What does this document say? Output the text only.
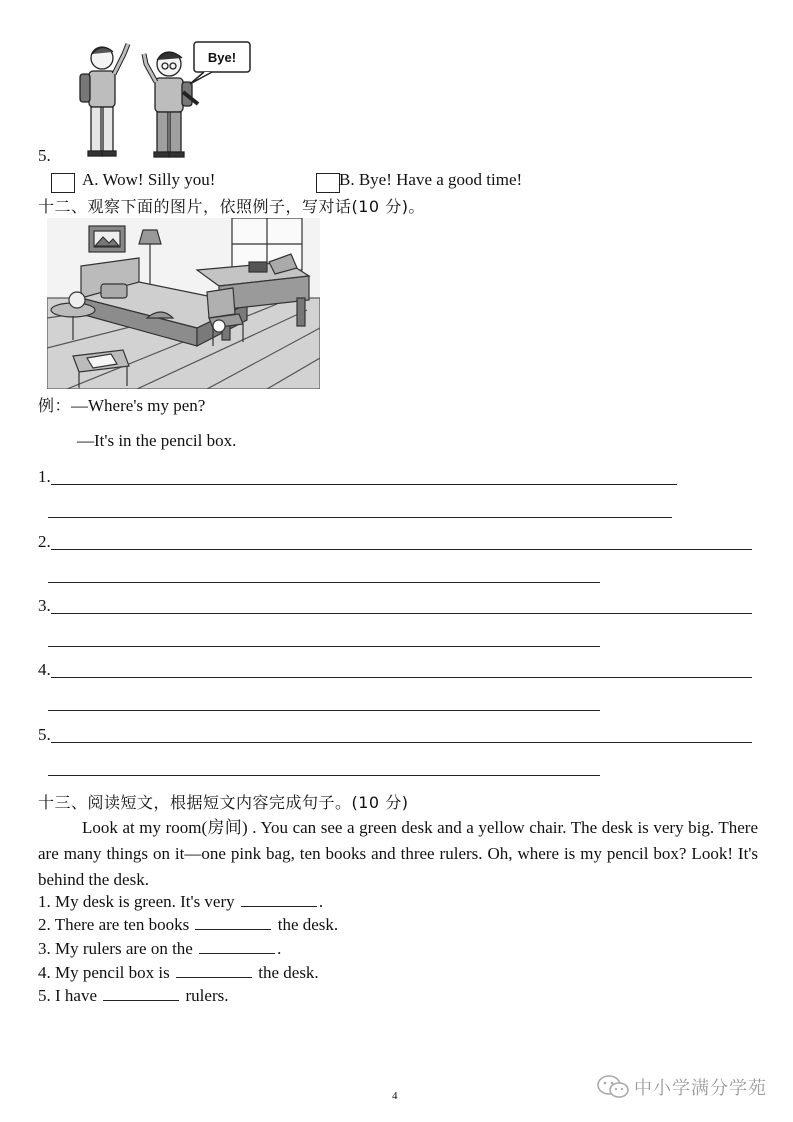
Bye!
5.
A. Wow! Silly you!	B. Bye! Have a good time!
十二、观察下面的图片，依照例子，写对话(10 分)。
例：—Where's my pen?
—It's in the pencil box.
1.
2.
3.
4.
5.
十三、阅读短文，根据短文内容完成句子。(10 分)
Look at my room(房间) . You can see a green desk and a yellow chair. The desk is very big. There are many things on it—one pink bag, ten books and three rulers. Oh, where is my pencil box? Look! It's behind the desk.
1. My desk is green. It's very	.
2. There are ten books	the desk.
3. My rulers are on the	.
4. My pencil box is	the desk.
5. I have	rulers.
4	中小学满分学苑
